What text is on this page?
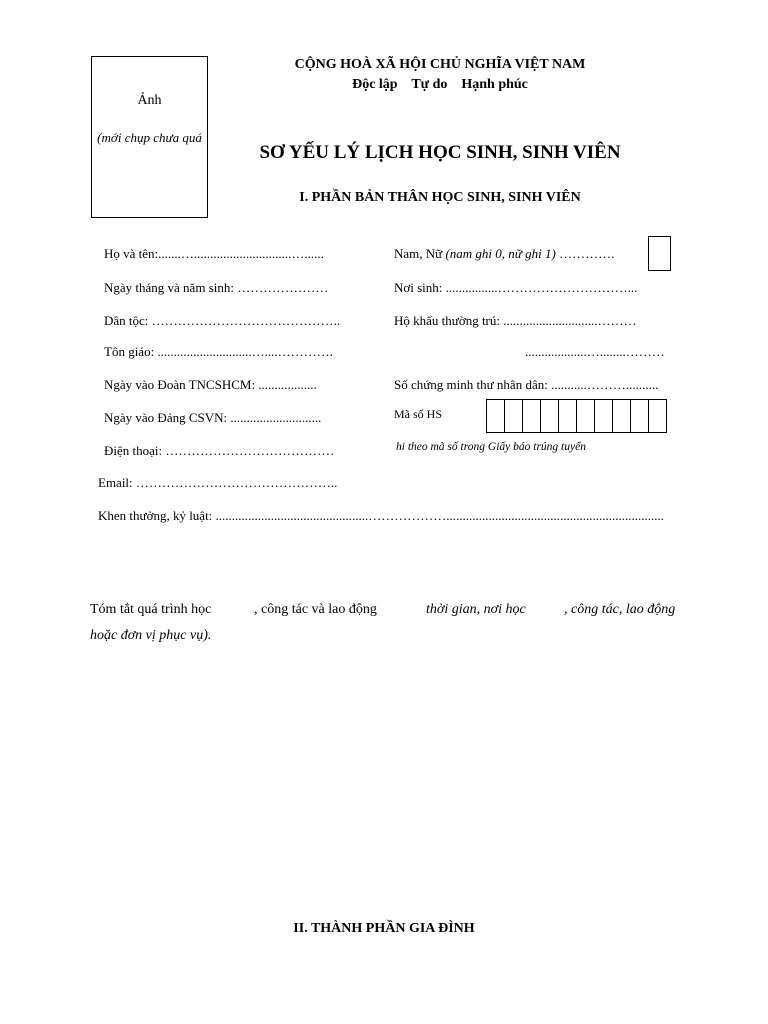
Ảnh
(mới chụp chưa quá
CỘNG HOÀ XÃ HỘI CHỦ NGHĨA VIỆT NAM
Độc lập    Tự do    Hạnh phúc
SƠ YẾU LÝ LỊCH HỌC SINH, SINH VIÊN
I. PHẦN BẢN THÂN HỌC SINH, SINH VIÊN
Họ và tên:.......…..............................…......	Nam, Nữ (nam ghi 0, nữ ghi 1) ………….
Ngày tháng và năm sinh: …………………	Nơi sinh: ................…………………………...
Dân tộc: ……………………………………..	Hộ khẩu thường trú: .............................………
Tôn giáo: .............................…....………….	...................…........………
Ngày vào Đoàn TNCSHCM: ..................	Số chứng minh thư nhân dân: ...........………..........
Ngày vào Đảng CSVN: ............................	Mã số HS
Điện thoại: …………………………………	hi theo mã số trong Giấy báo trúng tuyển
Email: ………………………………………..
Khen thưởng, kỷ luật: ...............................................………………...................................................................
Tóm tắt quá trình học	, công tác và lao động	thời gian, nơi học	, công tác, lao động
hoặc đơn vị phục vụ).
II. THÀNH PHẦN GIA ĐÌNH
